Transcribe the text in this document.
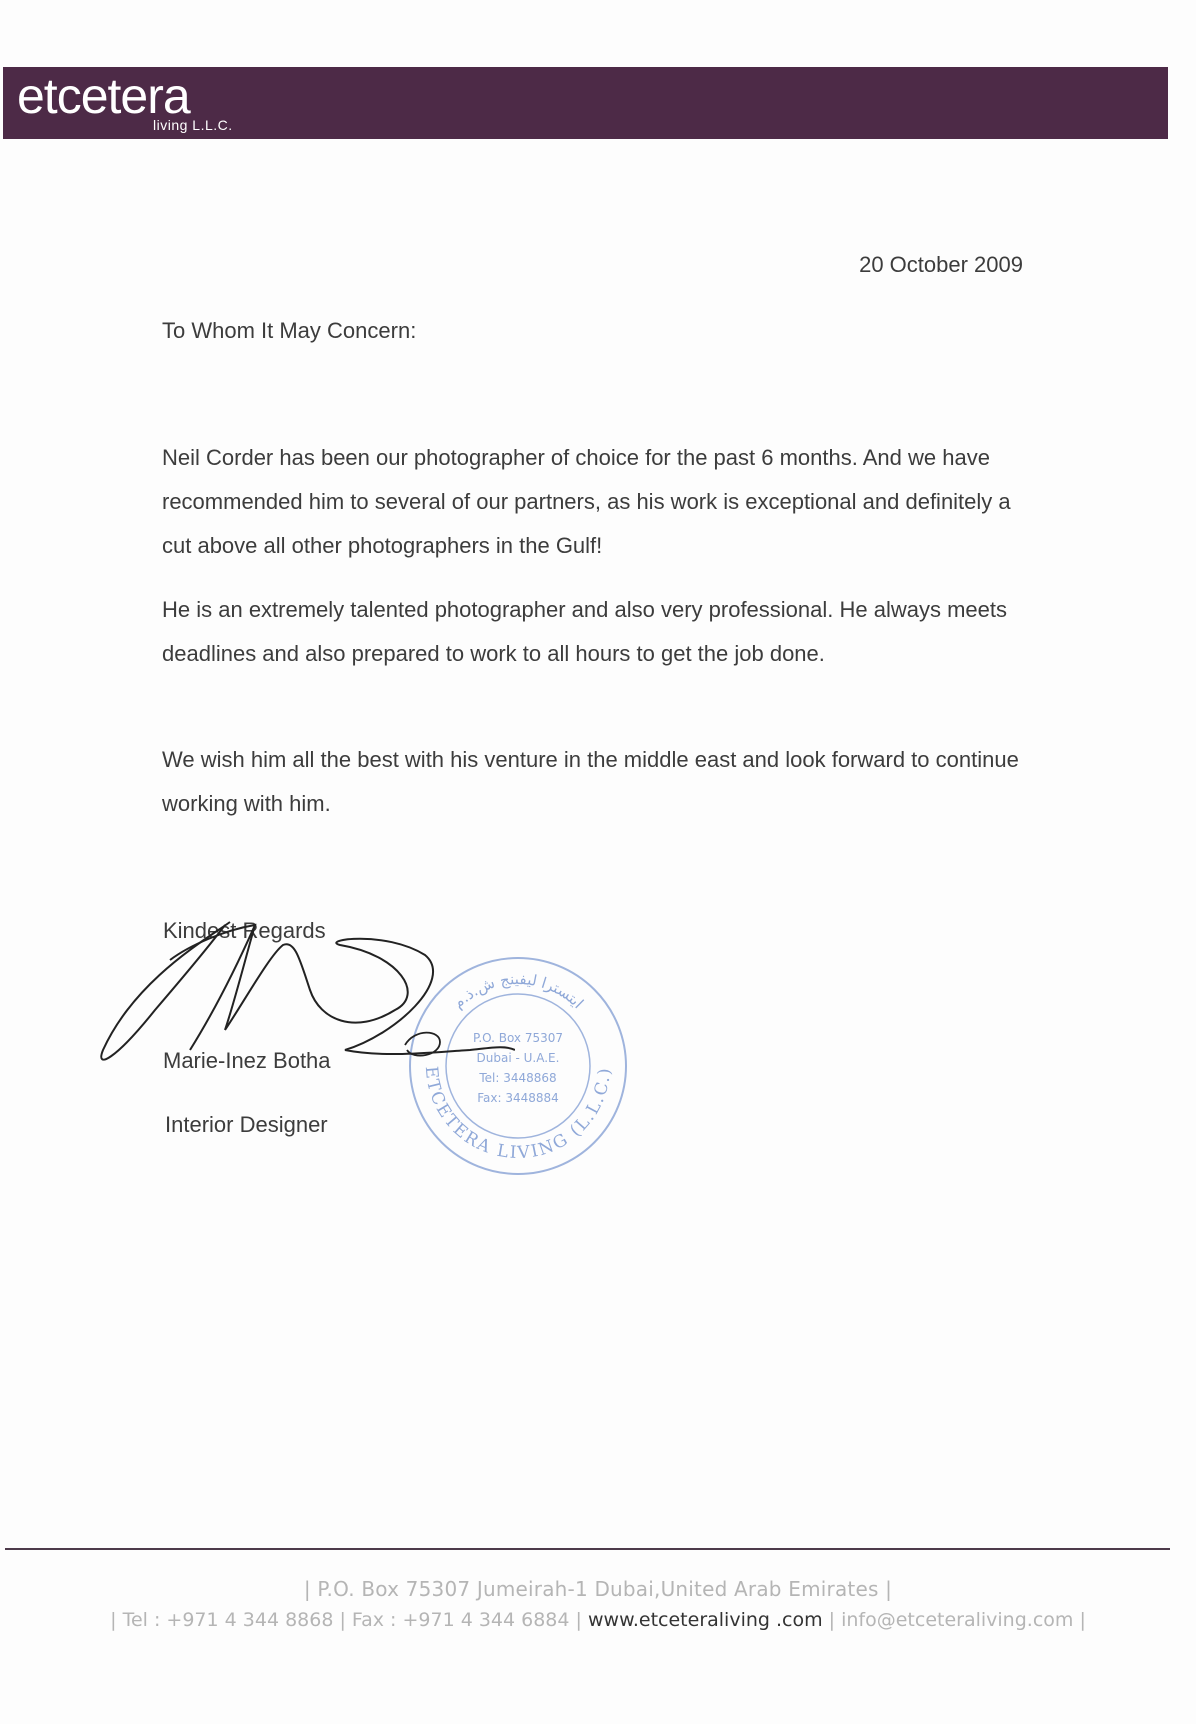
etcetera
living L.L.C.
20 October 2009
To Whom It May Concern:

Neil Corder has been our photographer of choice for the past 6 months. And we have recommended him to several of our partners, as his work is exceptional and definitely a cut above all other photographers in the Gulf!

He is an extremely talented photographer and also very professional. He always meets deadlines and also prepared to work to all hours to get the job done.

We wish him all the best with his venture in the middle east and look forward to continue working with him.

Kindest Regards
ETCETERA LIVING (L.L.C.)
ايتسترا ليفينج ش.ذ.م
P.O. Box 75307
Dubai - U.A.E.
Tel: 3448868
Fax: 3448884
Marie-Inez Botha
Interior Designer
| P.O. Box 75307 Jumeirah-1 Dubai,United Arab Emirates |
| Tel : +971 4 344 8868 | Fax : +971 4 344 6884 | www.etceteraliving .com | info@etceteraliving.com |
